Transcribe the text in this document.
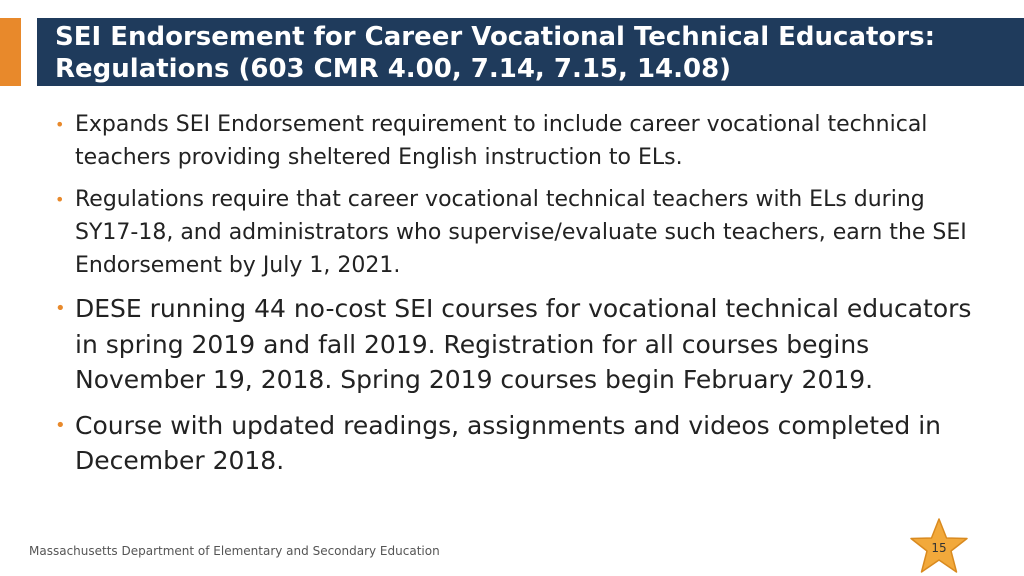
SEI Endorsement for Career Vocational Technical Educators:
Regulations (603 CMR 4.00, 7.14, 7.15, 14.08)
• Expands SEI Endorsement requirement to include career vocational technical teachers providing sheltered English instruction to ELs.
• Regulations require that career vocational technical teachers with ELs during SY17-18, and administrators who supervise/evaluate such teachers, earn the SEI Endorsement by July 1, 2021.
• DESE running 44 no-cost SEI courses for vocational technical educators in spring 2019 and fall 2019. Registration for all courses begins November 19, 2018. Spring 2019 courses begin February 2019.
• Course with updated readings, assignments and videos completed in December 2018.
Massachusetts Department of Elementary and Secondary Education	15
